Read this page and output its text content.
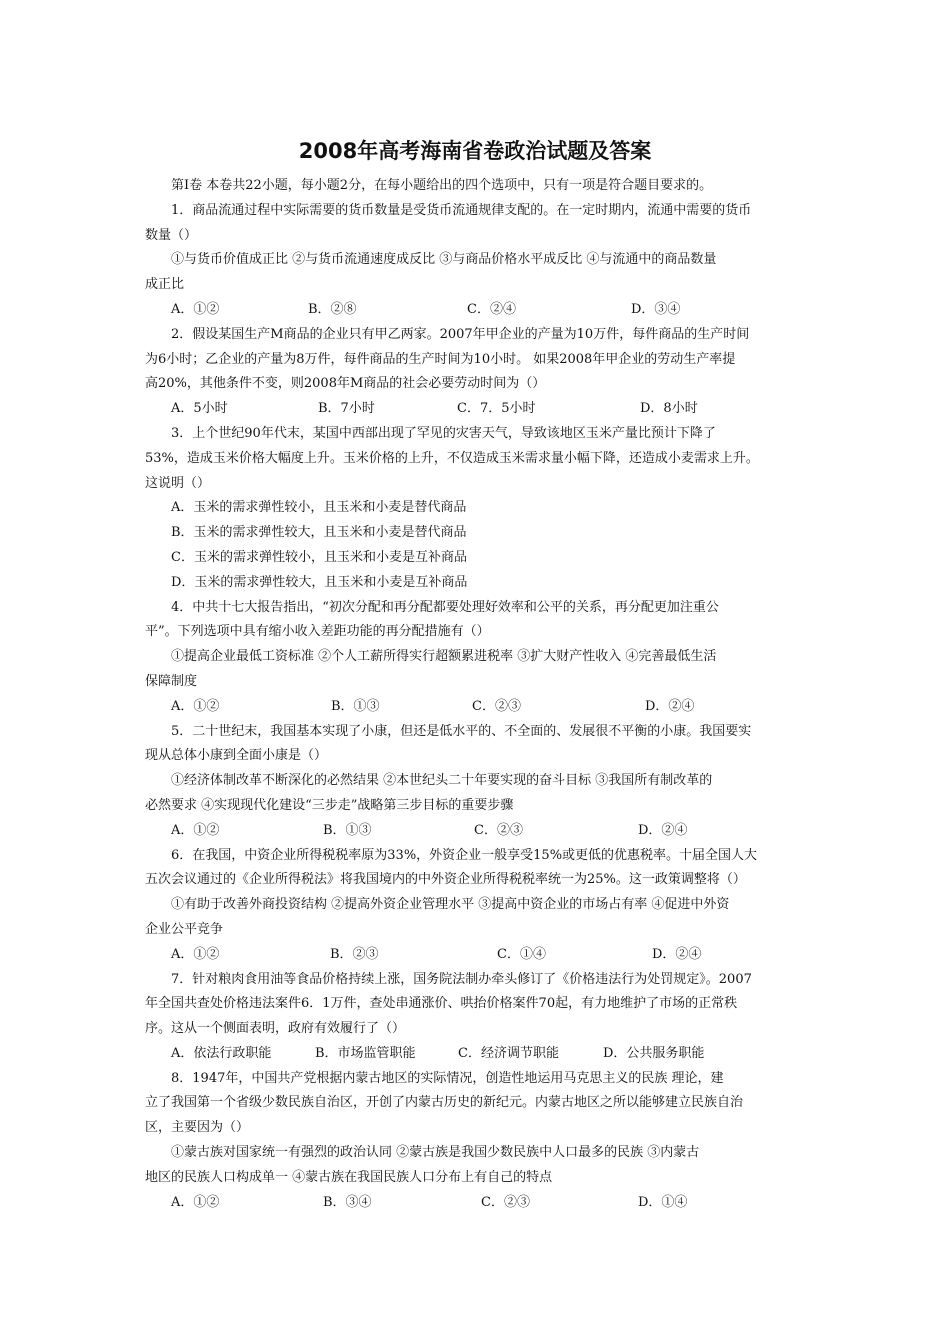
2008年高考海南省卷政治试题及答案
第Ⅰ卷 本卷共22小题，每小题2分，在每小题给出的四个选项中，只有一项是符合题目要求的。
1．商品流通过程中实际需要的货币数量是受货币流通规律支配的。在一定时期内，流通中需要的货币
数量（）
①与货币价值成正比 ②与货币流通速度成反比 ③与商品价格水平成反比 ④与流通中的商品数量
成正比
A．①②	B．②⑧	C．②④	D．③④
2．假设某国生产M商品的企业只有甲乙两家。2007年甲企业的产量为10万件，每件商品的生产时间
为6小时；乙企业的产量为8万件，每件商品的生产时间为10小时。 如果2008年甲企业的劳动生产率提
高20%，其他条件不变，则2008年M商品的社会必要劳动时间为（）
A．5小时	B．7小时	C．7．5小时	D．8小时
3．上个世纪90年代末，某国中西部出现了罕见的灾害天气，导致该地区玉米产量比预计下降了
53%，造成玉米价格大幅度上升。玉米价格的上升，不仅造成玉米需求量小幅下降，还造成小麦需求上升。
这说明（）
A．玉米的需求弹性较小，且玉米和小麦是替代商品
B．玉米的需求弹性较大，且玉米和小麦是替代商品
C．玉米的需求弹性较小，且玉米和小麦是互补商品
D．玉米的需求弹性较大，且玉米和小麦是互补商品
4．中共十七大报告指出，“初次分配和再分配都要处理好效率和公平的关系，再分配更加注重公
平”。下列选项中具有缩小收入差距功能的再分配措施有（）
①提高企业最低工资标准 ②个人工薪所得实行超额累进税率 ③扩大财产性收入 ④完善最低生活
保障制度
A．①②	B．①③	C．②③	D．②④
5．二十世纪末，我国基本实现了小康，但还是低水平的、不全面的、发展很不平衡的小康。我国要实
现从总体小康到全面小康是（）
①经济体制改革不断深化的必然结果 ②本世纪头二十年要实现的奋斗目标 ③我国所有制改革的
必然要求 ④实现现代化建设“三步走”战略第三步目标的重要步骤
A．①②	B．①③	C．②③	D．②④
6．在我国，中资企业所得税税率原为33%，外资企业一般享受15%或更低的优惠税率。十届全国人大
五次会议通过的《企业所得税法》将我国境内的中外资企业所得税税率统一为25%。这一政策调整将（）
①有助于改善外商投资结构 ②提高外资企业管理水平 ③提高中资企业的市场占有率 ④促进中外资
企业公平竞争
A．①②	B．②③	C．①④	D．②④
7．针对粮肉食用油等食品价格持续上涨，国务院法制办牵头修订了《价格违法行为处罚规定》。2007
年全国共查处价格违法案件6．1万件，查处串通涨价、哄抬价格案件70起，有力地维护了市场的正常秩
序。这从一个侧面表明，政府有效履行了（）
A．依法行政职能	B．市场监管职能	C．经济调节职能	D．公共服务职能
8．1947年，中国共产党根据内蒙古地区的实际情况，创造性地运用马克思主义的民族 理论，建
立了我国第一个省级少数民族自治区，开创了内蒙古历史的新纪元。内蒙古地区之所以能够建立民族自治
区，主要因为（）
①蒙古族对国家统一有强烈的政治认同 ②蒙古族是我国少数民族中人口最多的民族 ③内蒙古
地区的民族人口构成单一 ④蒙古族在我国民族人口分布上有自己的特点
A．①②	B．③④	C．②③	D．①④
